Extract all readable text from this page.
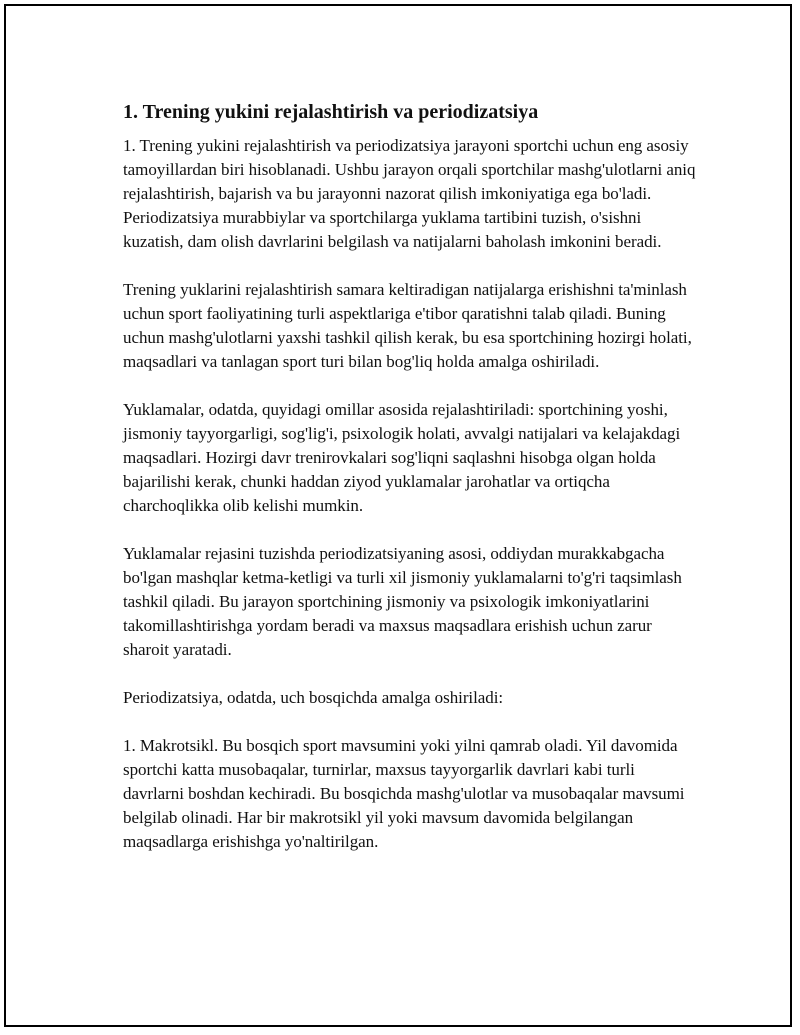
1. Trening yukini rejalashtirish va periodizatsiya

1. Trening yukini rejalashtirish va periodizatsiya jarayoni sportchi uchun eng asosiy tamoyillardan biri hisoblanadi. Ushbu jarayon orqali sportchilar mashg'ulotlarni aniq rejalashtirish, bajarish va bu jarayonni nazorat qilish imkoniyatiga ega bo'ladi. Periodizatsiya murabbiylar va sportchilarga yuklama tartibini tuzish, o'sishni kuzatish, dam olish davrlarini belgilash va natijalarni baholash imkonini beradi.

Trening yuklarini rejalashtirish samara keltiradigan natijalarga erishishni ta'minlash uchun sport faoliyatining turli aspektlariga e'tibor qaratishni talab qiladi. Buning uchun mashg'ulotlarni yaxshi tashkil qilish kerak, bu esa sportchining hozirgi holati, maqsadlari va tanlagan sport turi bilan bog'liq holda amalga oshiriladi.

Yuklamalar, odatda, quyidagi omillar asosida rejalashtiriladi: sportchining yoshi, jismoniy tayyorgarligi, sog'lig'i, psixologik holati, avvalgi natijalari va kelajakdagi maqsadlari. Hozirgi davr trenirovkalari sog'liqni saqlashni hisobga olgan holda bajarilishi kerak, chunki haddan ziyod yuklamalar jarohatlar va ortiqcha charchoqlikka olib kelishi mumkin.

Yuklamalar rejasini tuzishda periodizatsiyaning asosi, oddiydan murakkabgacha bo'lgan mashqlar ketma-ketligi va turli xil jismoniy yuklamalarni to'g'ri taqsimlash tashkil qiladi. Bu jarayon sportchining jismoniy va psixologik imkoniyatlarini takomillashtirishga yordam beradi va maxsus maqsadlara erishish uchun zarur sharoit yaratadi.

Periodizatsiya, odatda, uch bosqichda amalga oshiriladi:

1. Makrotsikl. Bu bosqich sport mavsumini yoki yilni qamrab oladi. Yil davomida sportchi katta musobaqalar, turnirlar, maxsus tayyorgarlik davrlari kabi turli davrlarni boshdan kechiradi. Bu bosqichda mashg'ulotlar va musobaqalar mavsumi belgilab olinadi. Har bir makrotsikl yil yoki mavsum davomida belgilangan maqsadlarga erishishga yo'naltirilgan.
